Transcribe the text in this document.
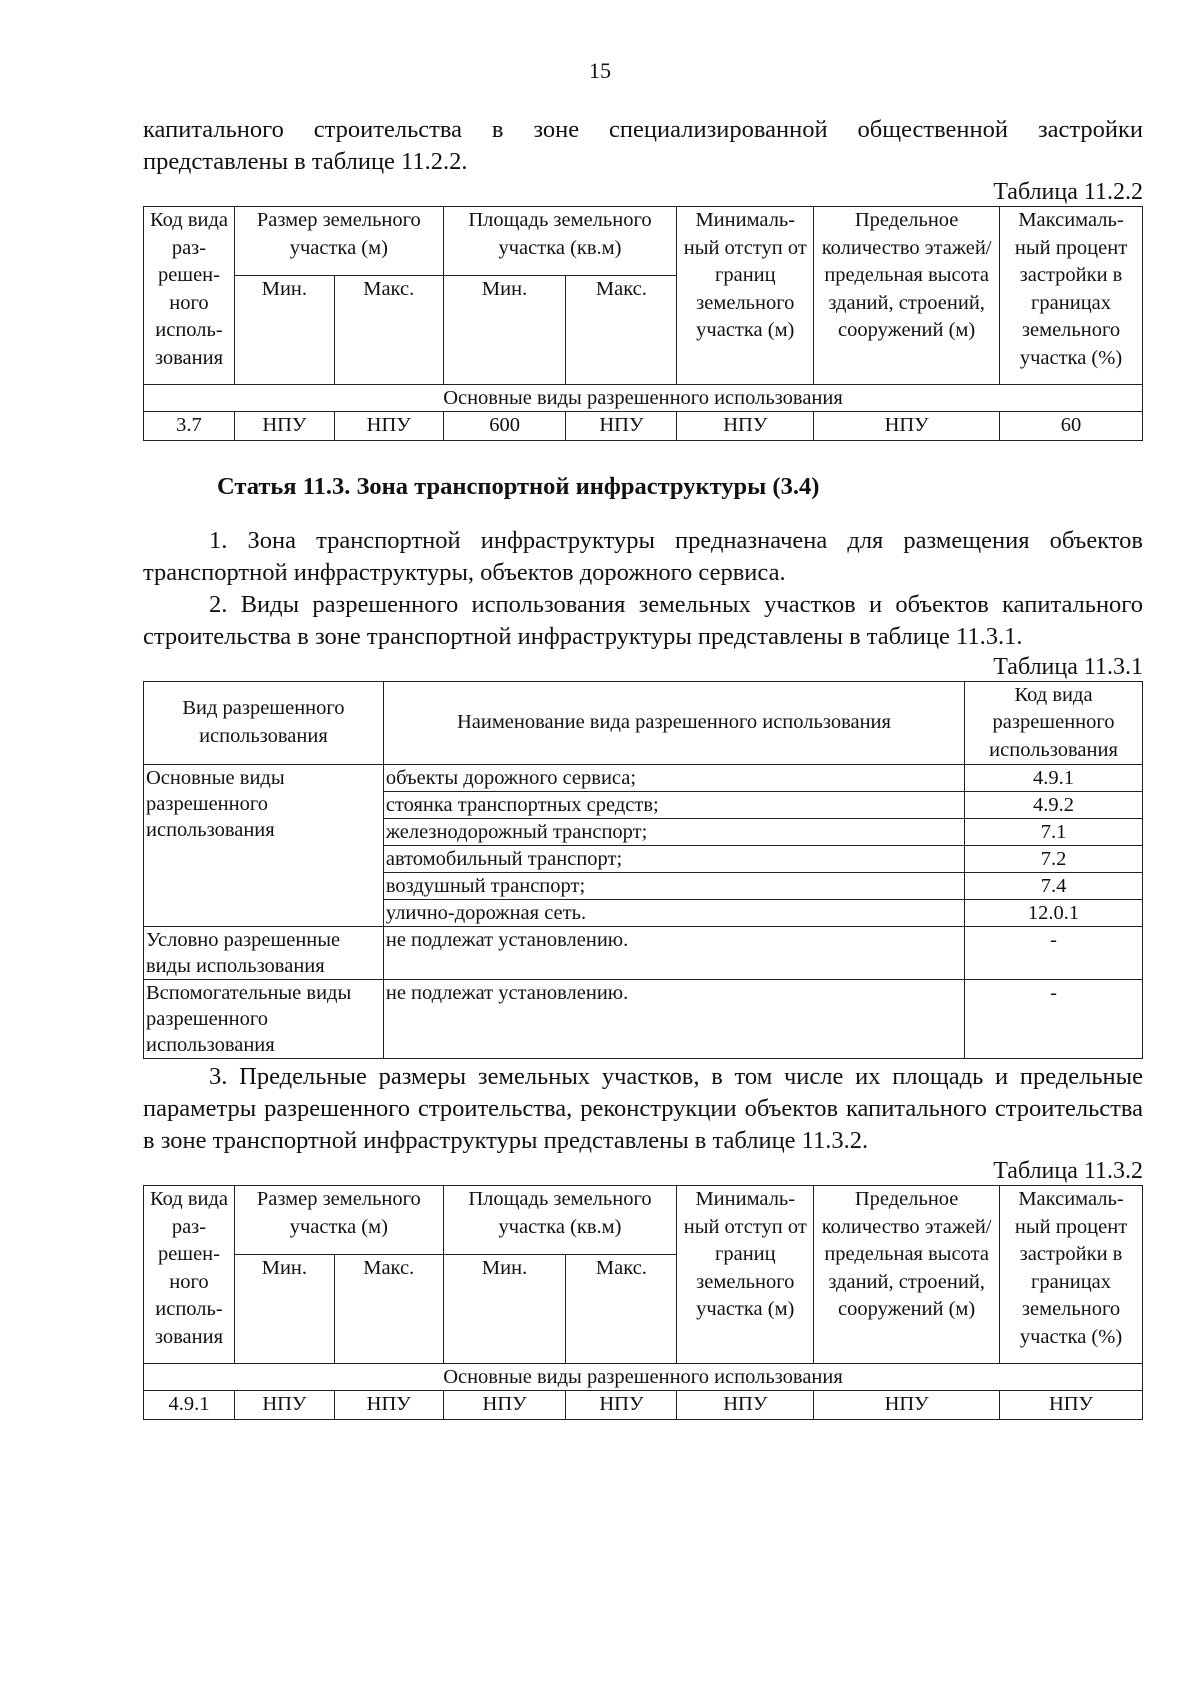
15

капитального строительства в зоне специализированной общественной застройки представлены в таблице 11.2.2.

Таблица 11.2.2
Код вида раз-решен-ного исполь-зования	Размер земельного участка (м)		Площадь земельного участка (кв.м)		Минималь-ный отступ от границ земельного участка (м)	Предельное количество этажей/ предельная высота зданий, строений, сооружений (м)	Максималь-ный процент застройки в границах земельного участка (%)
	Мин.	Макс.	Мин.	Макс.			
Основные виды разрешенного использования							
3.7	НПУ	НПУ	600	НПУ	НПУ	НПУ	60
Статья 11.3. Зона транспортной инфраструктуры (3.4)

1. Зона транспортной инфраструктуры предназначена для размещения объектов транспортной инфраструктуры, объектов дорожного сервиса.

2. Виды разрешенного использования земельных участков и объектов капитального строительства в зоне транспортной инфраструктуры представлены в таблице 11.3.1.

Таблица 11.3.1
Вид разрешенного использования	Наименование вида разрешенного использования	Код вида разрешенного использования
Основные виды разрешенного использования	объекты дорожного сервиса;	4.9.1
	стоянка транспортных средств;	4.9.2
	железнодорожный транспорт;	7.1
	автомобильный транспорт;	7.2
	воздушный транспорт;	7.4
	улично-дорожная сеть.	12.0.1
Условно разрешенные виды использования	не подлежат установлению.	-
Вспомогательные виды разрешенного использования	не подлежат установлению.	-

3. Предельные размеры земельных участков, в том числе их площадь и предельные параметры разрешенного строительства, реконструкции объектов капитального строительства в зоне транспортной инфраструктуры представлены в таблице 11.3.2.

Таблица 11.3.2
Код вида раз-решен-ного исполь-зования	Размер земельного участка (м)		Площадь земельного участка (кв.м)		Минималь-ный отступ от границ земельного участка (м)	Предельное количество этажей/ предельная высота зданий, строений, сооружений (м)	Максималь-ный процент застройки в границах земельного участка (%)
	Мин.	Макс.	Мин.	Макс.			
Основные виды разрешенного использования							
4.9.1	НПУ	НПУ	НПУ	НПУ	НПУ	НПУ	НПУ
